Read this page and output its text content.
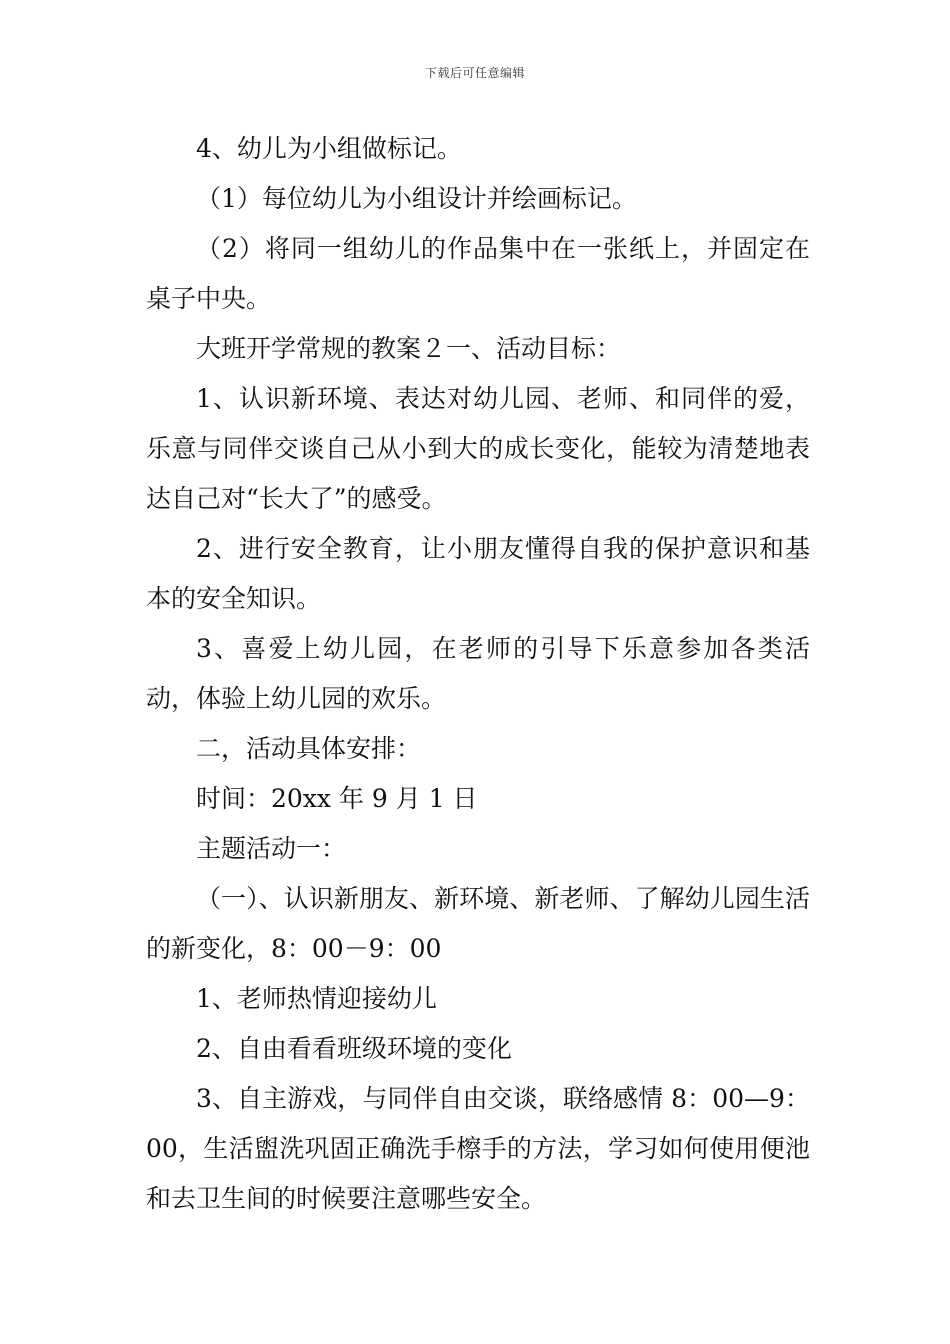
下载后可任意编辑

4、幼儿为小组做标记。

（1）每位幼儿为小组设计并绘画标记。

（2）将同一组幼儿的作品集中在一张纸上，并固定在桌子中央。

大班开学常规的教案２一、活动目标：

1、认识新环境、表达对幼儿园、老师、和同伴的爱，乐意与同伴交谈自己从小到大的成长变化，能较为清楚地表达自己对“长大了”的感受。

2、进行安全教育，让小朋友懂得自我的保护意识和基本的安全知识。

3、喜爱上幼儿园，在老师的引导下乐意参加各类活动，体验上幼儿园的欢乐。

二，活动具体安排：

时间：20xx 年 9 月 1 日

主题活动一：

（一）、认识新朋友、新环境、新老师、了解幼儿园生活的新变化，8：00－9：00

1、老师热情迎接幼儿

2、自由看看班级环境的变化

3、自主游戏，与同伴自由交谈，联络感情 8：00—9：00，生活盥洗巩固正确洗手檫手的方法，学习如何使用便池和去卫生间的时候要注意哪些安全。
